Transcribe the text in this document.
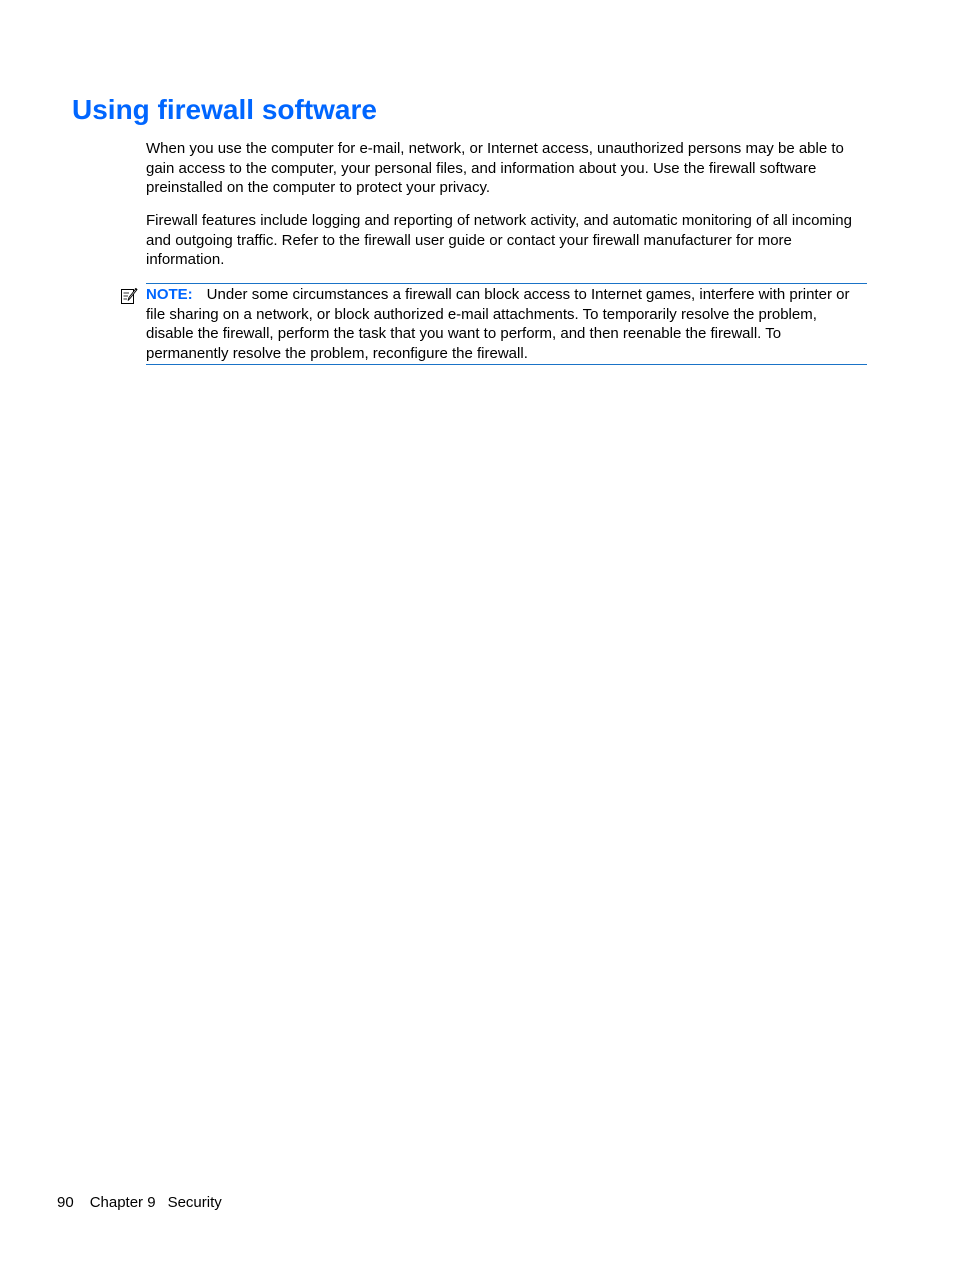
Using firewall software

When you use the computer for e-mail, network, or Internet access, unauthorized persons may be able to gain access to the computer, your personal files, and information about you. Use the firewall software preinstalled on the computer to protect your privacy.

Firewall features include logging and reporting of network activity, and automatic monitoring of all incoming and outgoing traffic. Refer to the firewall user guide or contact your firewall manufacturer for more information.

NOTE: Under some circumstances a firewall can block access to Internet games, interfere with printer or file sharing on a network, or block authorized e-mail attachments. To temporarily resolve the problem, disable the firewall, perform the task that you want to perform, and then reenable the firewall. To permanently resolve the problem, reconfigure the firewall.
90 Chapter 9 Security
